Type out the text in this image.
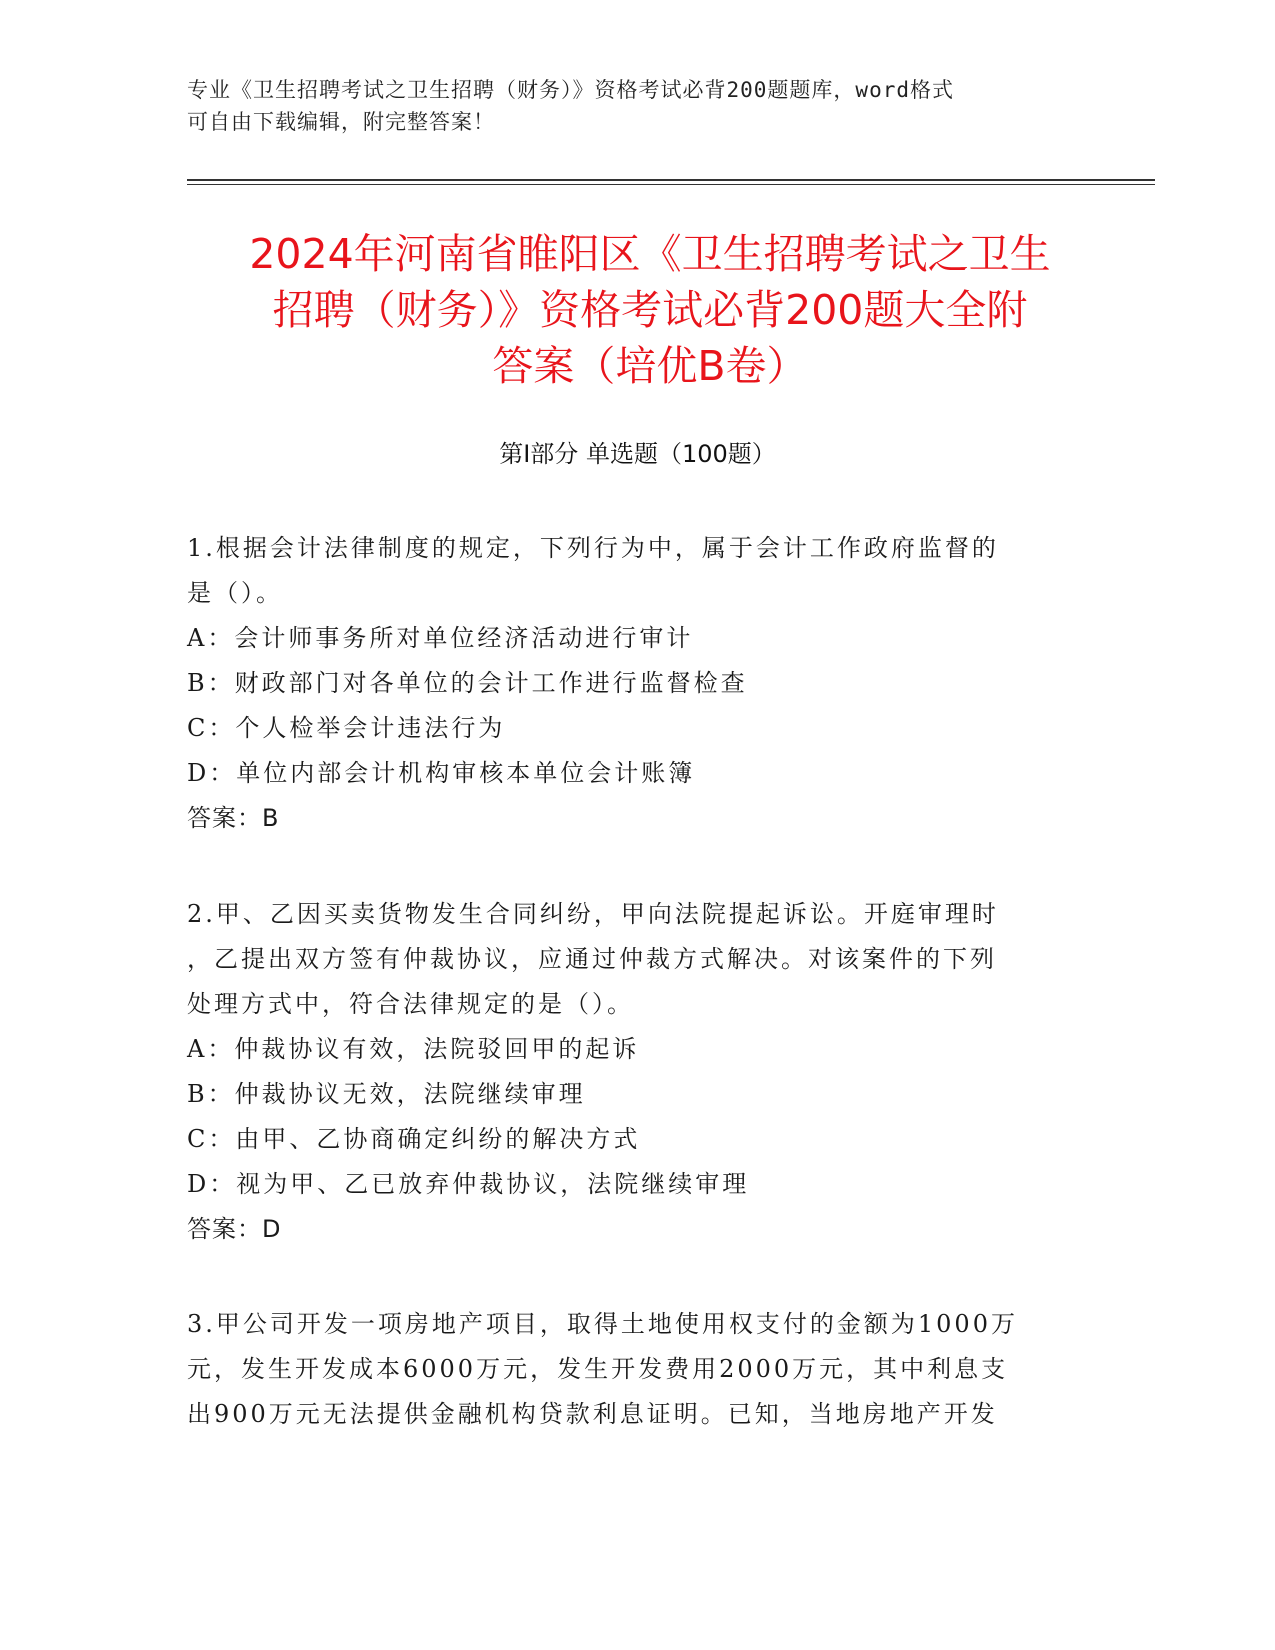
专业《卫生招聘考试之卫生招聘（财务）》资格考试必背200题题库，word格式
可自由下载编辑，附完整答案！
2024年河南省睢阳区《卫生招聘考试之卫生
招聘（财务）》资格考试必背200题大全附
答案（培优B卷）
第Ⅰ部分 单选题（100题）
1.根据会计法律制度的规定，下列行为中，属于会计工作政府监督的
是（）。
A：会计师事务所对单位经济活动进行审计
B：财政部门对各单位的会计工作进行监督检查
C：个人检举会计违法行为
D：单位内部会计机构审核本单位会计账簿
答案：B
2.甲、乙因买卖货物发生合同纠纷，甲向法院提起诉讼。开庭审理时
，乙提出双方签有仲裁协议，应通过仲裁方式解决。对该案件的下列
处理方式中，符合法律规定的是（）。
A：仲裁协议有效，法院驳回甲的起诉
B：仲裁协议无效，法院继续审理
C：由甲、乙协商确定纠纷的解决方式
D：视为甲、乙已放弃仲裁协议，法院继续审理
答案：D
3.甲公司开发一项房地产项目，取得土地使用权支付的金额为1000万
元，发生开发成本6000万元，发生开发费用2000万元，其中利息支
出900万元无法提供金融机构贷款利息证明。已知，当地房地产开发
